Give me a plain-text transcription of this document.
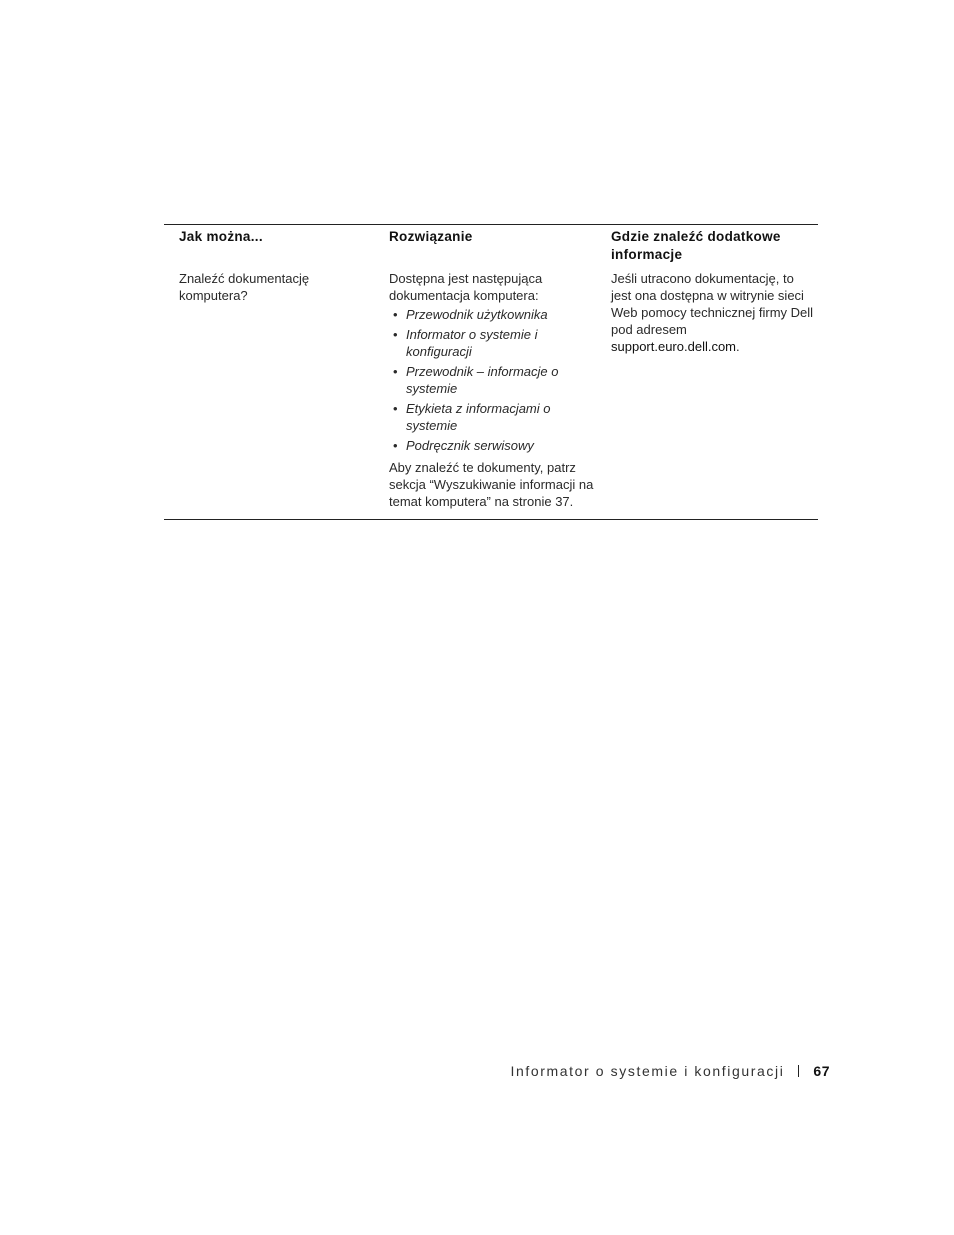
Jak można...	Rozwiązanie	Gdzie znaleźć dodatkowe informacje

Znaleźć dokumentację komputera?

Dostępna jest następująca dokumentacja komputera:

• Przewodnik użytkownika
• Informator o systemie i konfiguracji
• Przewodnik – informacje o systemie
• Etykieta z informacjami o systemie
• Podręcznik serwisowy

Aby znaleźć te dokumenty, patrz sekcja “Wyszukiwanie informacji na temat komputera” na stronie 37.

Jeśli utracono dokumentację, to jest ona dostępna w witrynie sieci Web pomocy technicznej firmy Dell pod adresem support.euro.dell.com.

Informator o systemie i konfiguracji 67
